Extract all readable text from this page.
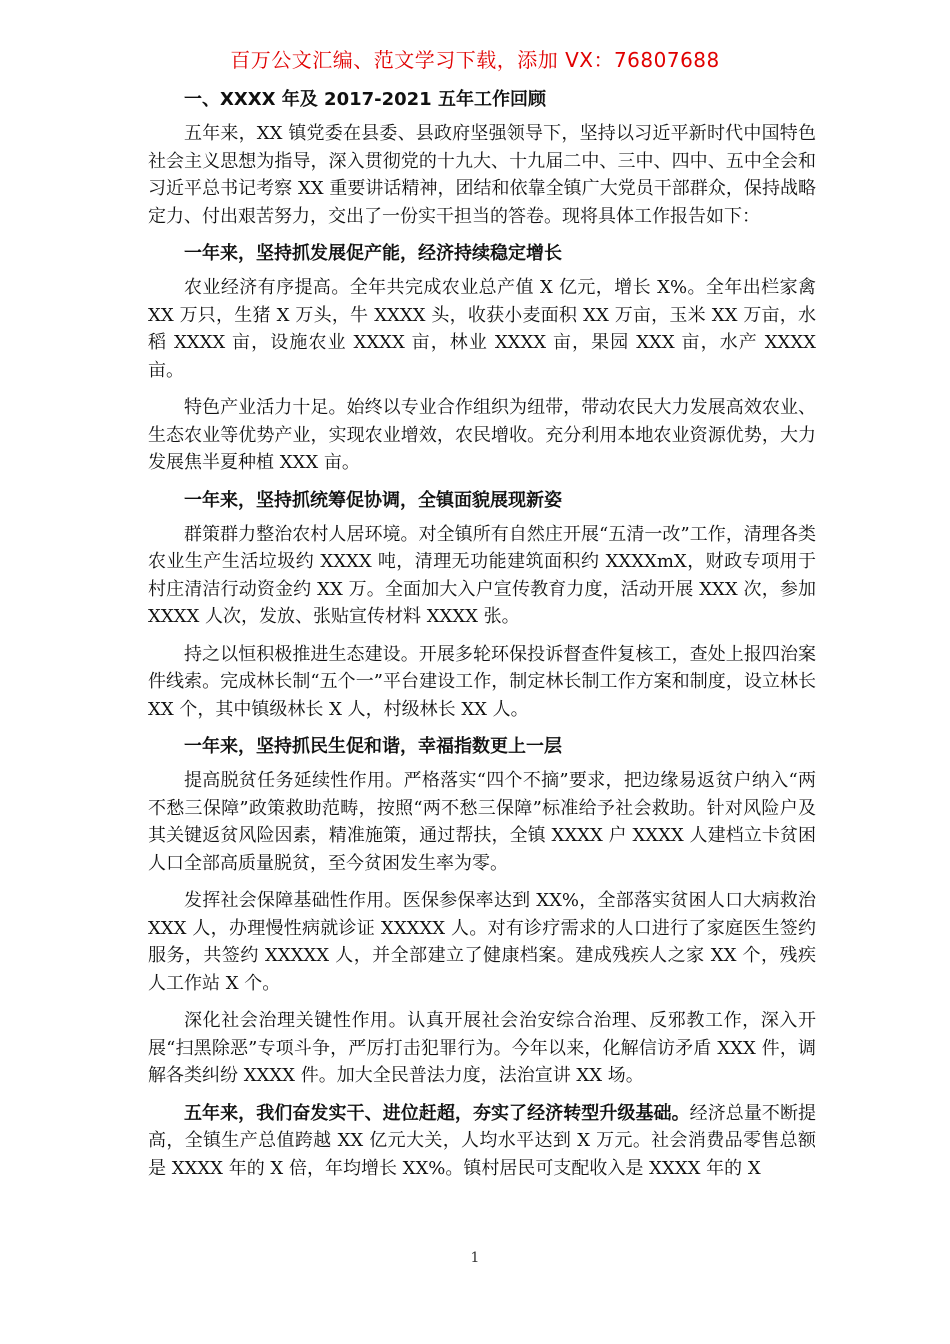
百万公文汇编、范文学习下载，添加 VX：76807688
一、XXXX 年及 2017-2021 五年工作回顾

五年来，XX 镇党委在县委、县政府坚强领导下，坚持以习近平新时代中国特色社会主义思想为指导，深入贯彻党的十九大、十九届二中、三中、四中、五中全会和习近平总书记考察 XX 重要讲话精神，团结和依靠全镇广大党员干部群众，保持战略定力、付出艰苦努力，交出了一份实干担当的答卷。现将具体工作报告如下：

一年来，坚持抓发展促产能，经济持续稳定增长

农业经济有序提高。全年共完成农业总产值 X 亿元，增长 X%。全年出栏家禽 XX 万只，生猪 X 万头，牛 XXXX 头，收获小麦面积 XX 万亩，玉米 XX 万亩，水稻 XXXX 亩，设施农业 XXXX 亩，林业 XXXX 亩，果园 XXX 亩，水产 XXXX 亩。

特色产业活力十足。始终以专业合作组织为纽带，带动农民大力发展高效农业、生态农业等优势产业，实现农业增效，农民增收。充分利用本地农业资源优势，大力发展焦半夏种植 XXX 亩。

一年来，坚持抓统筹促协调，全镇面貌展现新姿

群策群力整治农村人居环境。对全镇所有自然庄开展“五清一改”工作，清理各类农业生产生活垃圾约 XXXX 吨，清理无功能建筑面积约 XXXXmX，财政专项用于村庄清洁行动资金约 XX 万。全面加大入户宣传教育力度，活动开展 XXX 次，参加 XXXX 人次，发放、张贴宣传材料 XXXX 张。

持之以恒积极推进生态建设。开展多轮环保投诉督查件复核工，查处上报四治案件线索。完成林长制“五个一”平台建设工作，制定林长制工作方案和制度，设立林长 XX 个，其中镇级林长 X 人，村级林长 XX 人。

一年来，坚持抓民生促和谐，幸福指数更上一层

提高脱贫任务延续性作用。严格落实“四个不摘”要求，把边缘易返贫户纳入“两不愁三保障”政策救助范畴，按照“两不愁三保障”标准给予社会救助。针对风险户及其关键返贫风险因素，精准施策，通过帮扶，全镇 XXXX 户 XXXX 人建档立卡贫困人口全部高质量脱贫，至今贫困发生率为零。

发挥社会保障基础性作用。医保参保率达到 XX%，全部落实贫困人口大病救治 XXX 人，办理慢性病就诊证 XXXXX 人。对有诊疗需求的人口进行了家庭医生签约服务，共签约 XXXXX 人，并全部建立了健康档案。建成残疾人之家 XX 个，残疾人工作站 X 个。

深化社会治理关键性作用。认真开展社会治安综合治理、反邪教工作，深入开展“扫黑除恶”专项斗争，严厉打击犯罪行为。今年以来，化解信访矛盾 XXX 件，调解各类纠纷 XXXX 件。加大全民普法力度，法治宣讲 XX 场。

五年来，我们奋发实干、进位赶超，夯实了经济转型升级基础。经济总量不断提高，全镇生产总值跨越 XX 亿元大关，人均水平达到 X 万元。社会消费品零售总额是 XXXX 年的 X 倍，年均增长 XX%。镇村居民可支配收入是 XXXX 年的 X

1
